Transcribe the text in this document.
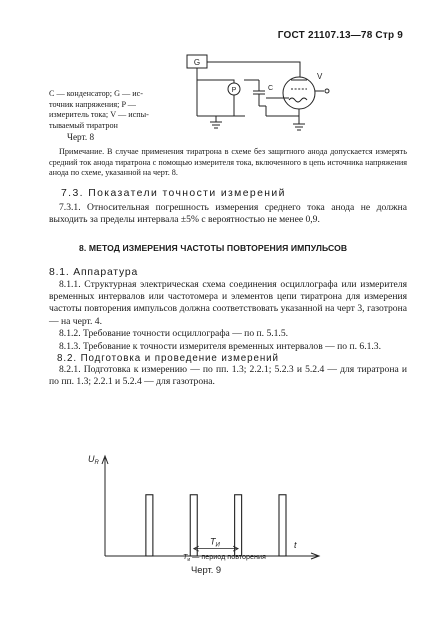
ГОСТ 21107.13—78 Стр 9
G
P	C
V
С — конденсатор; G — ис-
точник напряжения; P —
измеритель тока; V — испы-
тываемый тиратрон
Черт. 8

Примечание. В случае применения тиратрона в схеме без защитного анода допускается измерять средний ток анода тиратрона с помощью измерителя тока, включенного в цепь источника напряжения анода по схеме, указанной на черт. 8.

7.3. Показатели точности измерений

7.3.1. Относительная погрешность измерения среднего тока анода не должна выходить за пределы интервала ±5% с вероятностью не менее 0,9.

8. МЕТОД ИЗМЕРЕНИЯ ЧАСТОТЫ ПОВТОРЕНИЯ ИМПУЛЬСОВ
8.1. Аппаратура

8.1.1. Структурная электрическая схема соединения осциллографа или измерителя временных интервалов или частотомера и элементов цепи тиратрона для измерения частоты повторения импульсов должна соответствовать указанной на черт 3, газотрона — на черт. 4.

8.1.2. Требование точности осциллографа — по п. 5.1.5.

8.1.3. Требование к точности измерителя временных интервалов — по п. 6.1.3.

8.2. Подготовка и проведение измерений

8.2.1. Подготовка к измерению — по пп. 1.3; 2.2.1; 5.2.3 и 5.2.4 — для тиратрона и по пп. 1.3; 2.2.1 и 5.2.4 — для газотрона.

$U_R$
t
$T_И$
$Т_и$ — период повторения
Черт. 9
